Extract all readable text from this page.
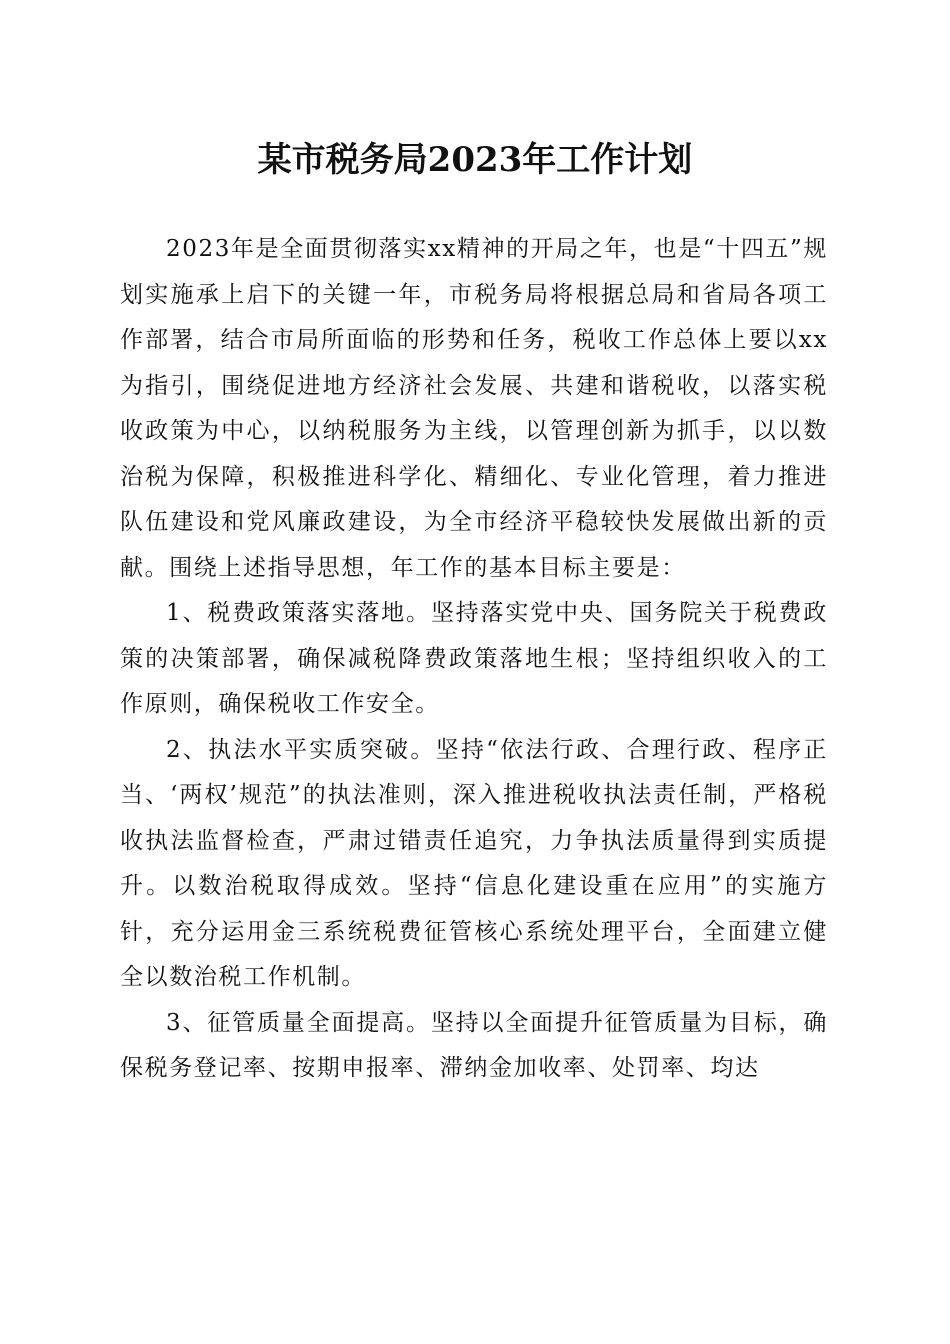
某市税务局2023年工作计划

2023年是全面贯彻落实xx精神的开局之年，也是“十四五”规划实施承上启下的关键一年，市税务局将根据总局和省局各项工作部署，结合市局所面临的形势和任务，税收工作总体上要以xx为指引，围绕促进地方经济社会发展、共建和谐税收，以落实税收政策为中心，以纳税服务为主线，以管理创新为抓手，以以数治税为保障，积极推进科学化、精细化、专业化管理，着力推进队伍建设和党风廉政建设，为全市经济平稳较快发展做出新的贡献。围绕上述指导思想，年工作的基本目标主要是：

1、税费政策落实落地。坚持落实党中央、国务院关于税费政策的决策部署，确保减税降费政策落地生根；坚持组织收入的工作原则，确保税收工作安全。

2、执法水平实质突破。坚持“依法行政、合理行政、程序正当、‘两权’规范”的执法准则，深入推进税收执法责任制，严格税收执法监督检查，严肃过错责任追究，力争执法质量得到实质提升。以数治税取得成效。坚持“信息化建设重在应用”的实施方针，充分运用金三系统税费征管核心系统处理平台，全面建立健全以数治税工作机制。

3、征管质量全面提高。坚持以全面提升征管质量为目标，确保税务登记率、按期申报率、滞纳金加收率、处罚率、均达
